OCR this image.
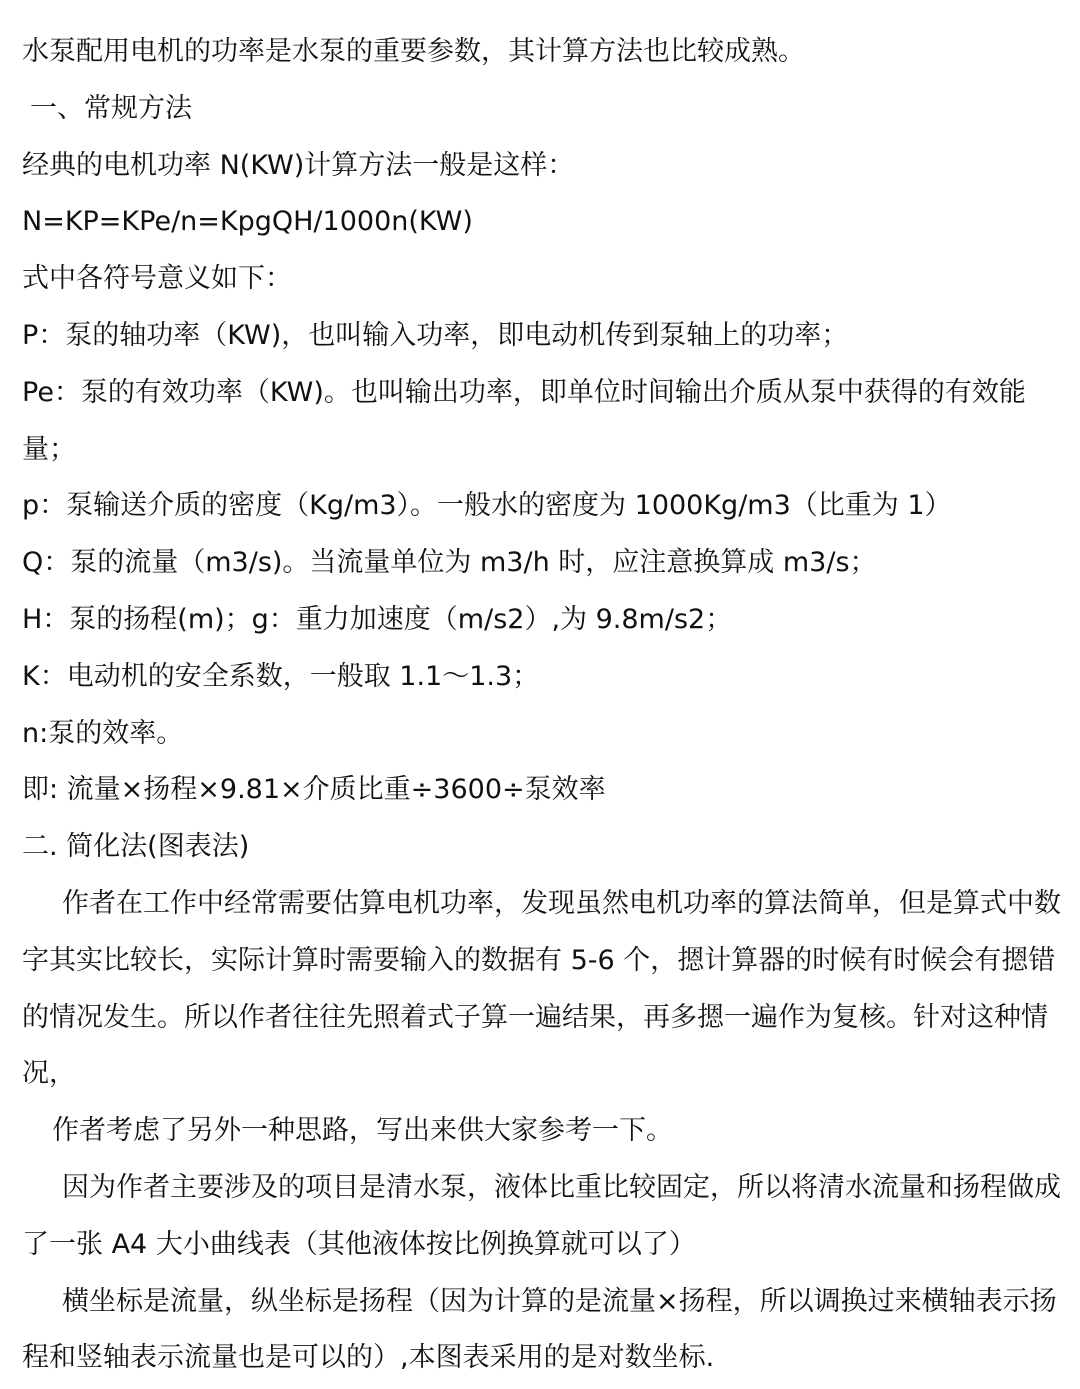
水泵配用电机的功率是水泵的重要参数，其计算方法也比较成熟。

一、常规方法

经典的电机功率 N(KW)计算方法一般是这样：

N=KP=KPe/n=KpgQH/1000n(KW)

式中各符号意义如下：

P：泵的轴功率（KW)，也叫输入功率，即电动机传到泵轴上的功率；

Pe：泵的有效功率（KW)。也叫输出功率，即单位时间输出介质从泵中获得的有效能量；

p：泵输送介质的密度（Kg/m3）。一般水的密度为 1000Kg/m3（比重为 1）

Q：泵的流量（m3/s)。当流量单位为 m3/h 时，应注意换算成 m3/s；

H：泵的扬程(m)；g：重力加速度（m/s2）,为 9.8m/s2；

K：电动机的安全系数，一般取 1.1～1.3；

n:泵的效率。

即: 流量×扬程×9.81×介质比重÷3600÷泵效率

二. 简化法(图表法)

作者在工作中经常需要估算电机功率，发现虽然电机功率的算法简单，但是算式中数字其实比较长，实际计算时需要输入的数据有 5-6 个，摁计算器的时候有时候会有摁错的情况发生。所以作者往往先照着式子算一遍结果，再多摁一遍作为复核。针对这种情况，

作者考虑了另外一种思路，写出来供大家参考一下。

因为作者主要涉及的项目是清水泵，液体比重比较固定，所以将清水流量和扬程做成了一张 A4 大小曲线表（其他液体按比例换算就可以了）

横坐标是流量，纵坐标是扬程（因为计算的是流量×扬程，所以调换过来横轴表示扬程和竖轴表示流量也是可以的）,本图表采用的是对数坐标.
